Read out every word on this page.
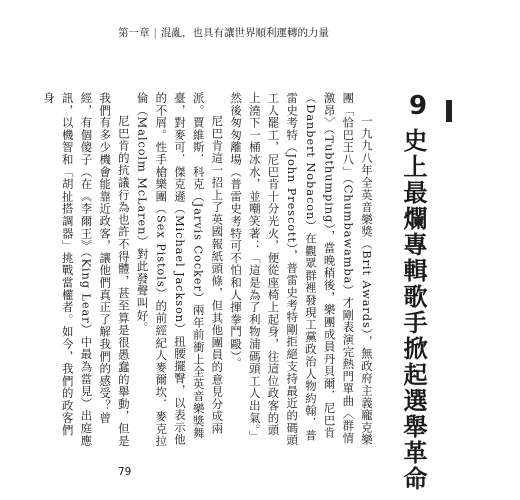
第一章 | 混亂，也具有讓世界順利運轉的力量
9
史上最爛專輯歌手掀起選舉革命

一九九八年全英音樂獎（Brit Awards），無政府主義龐克樂團「恰巴王八」（Chumbawamba）才剛表演完熱門單曲〈群情激昂〉（Tubthumping），當晚稍後，樂團成員丹貝爾．尼巴肯（Danbert Nobacon）在觀眾群裡發現工黨政治人物約翰．普雷史考特（John Prescott），普雷史考特剛拒絕支持最近的碼頭工人罷工，尼巴肯十分光火，便從座椅上起身，往這位政客的頭上澆下一桶冰水，並嘲笑著：「這是為了利物浦碼頭工人出氣。」然後匆匆離場（普雷史考特可不怕和人揮拳鬥毆）。

尼巴肯這一招上了英國報紙頭條，但其他團員的意見分成兩派。賈維斯．科克（Jarvis Cocker）兩年前衝上全英音樂獎舞臺，對麥可．傑克遜（Michael Jackson）扭腰擺臀，以表示他的不屑。性手槍樂團（Sex Pistols）的前經紀人麥爾坎．麥克拉倫（Malcolm McLaren）對此發聲叫好。

尼巴肯的抗議行為也許不得體，甚至算是很愚蠢的舉動，但是我們有多少機會能靠近政客，讓他們真正了解我們的感受？曾經，有個傻子（在《李爾王》（King Lear）中最為當見）出庭應訊，以機智和「胡扯搭調器」挑戰當權者。如今，我們的政客們身

79
